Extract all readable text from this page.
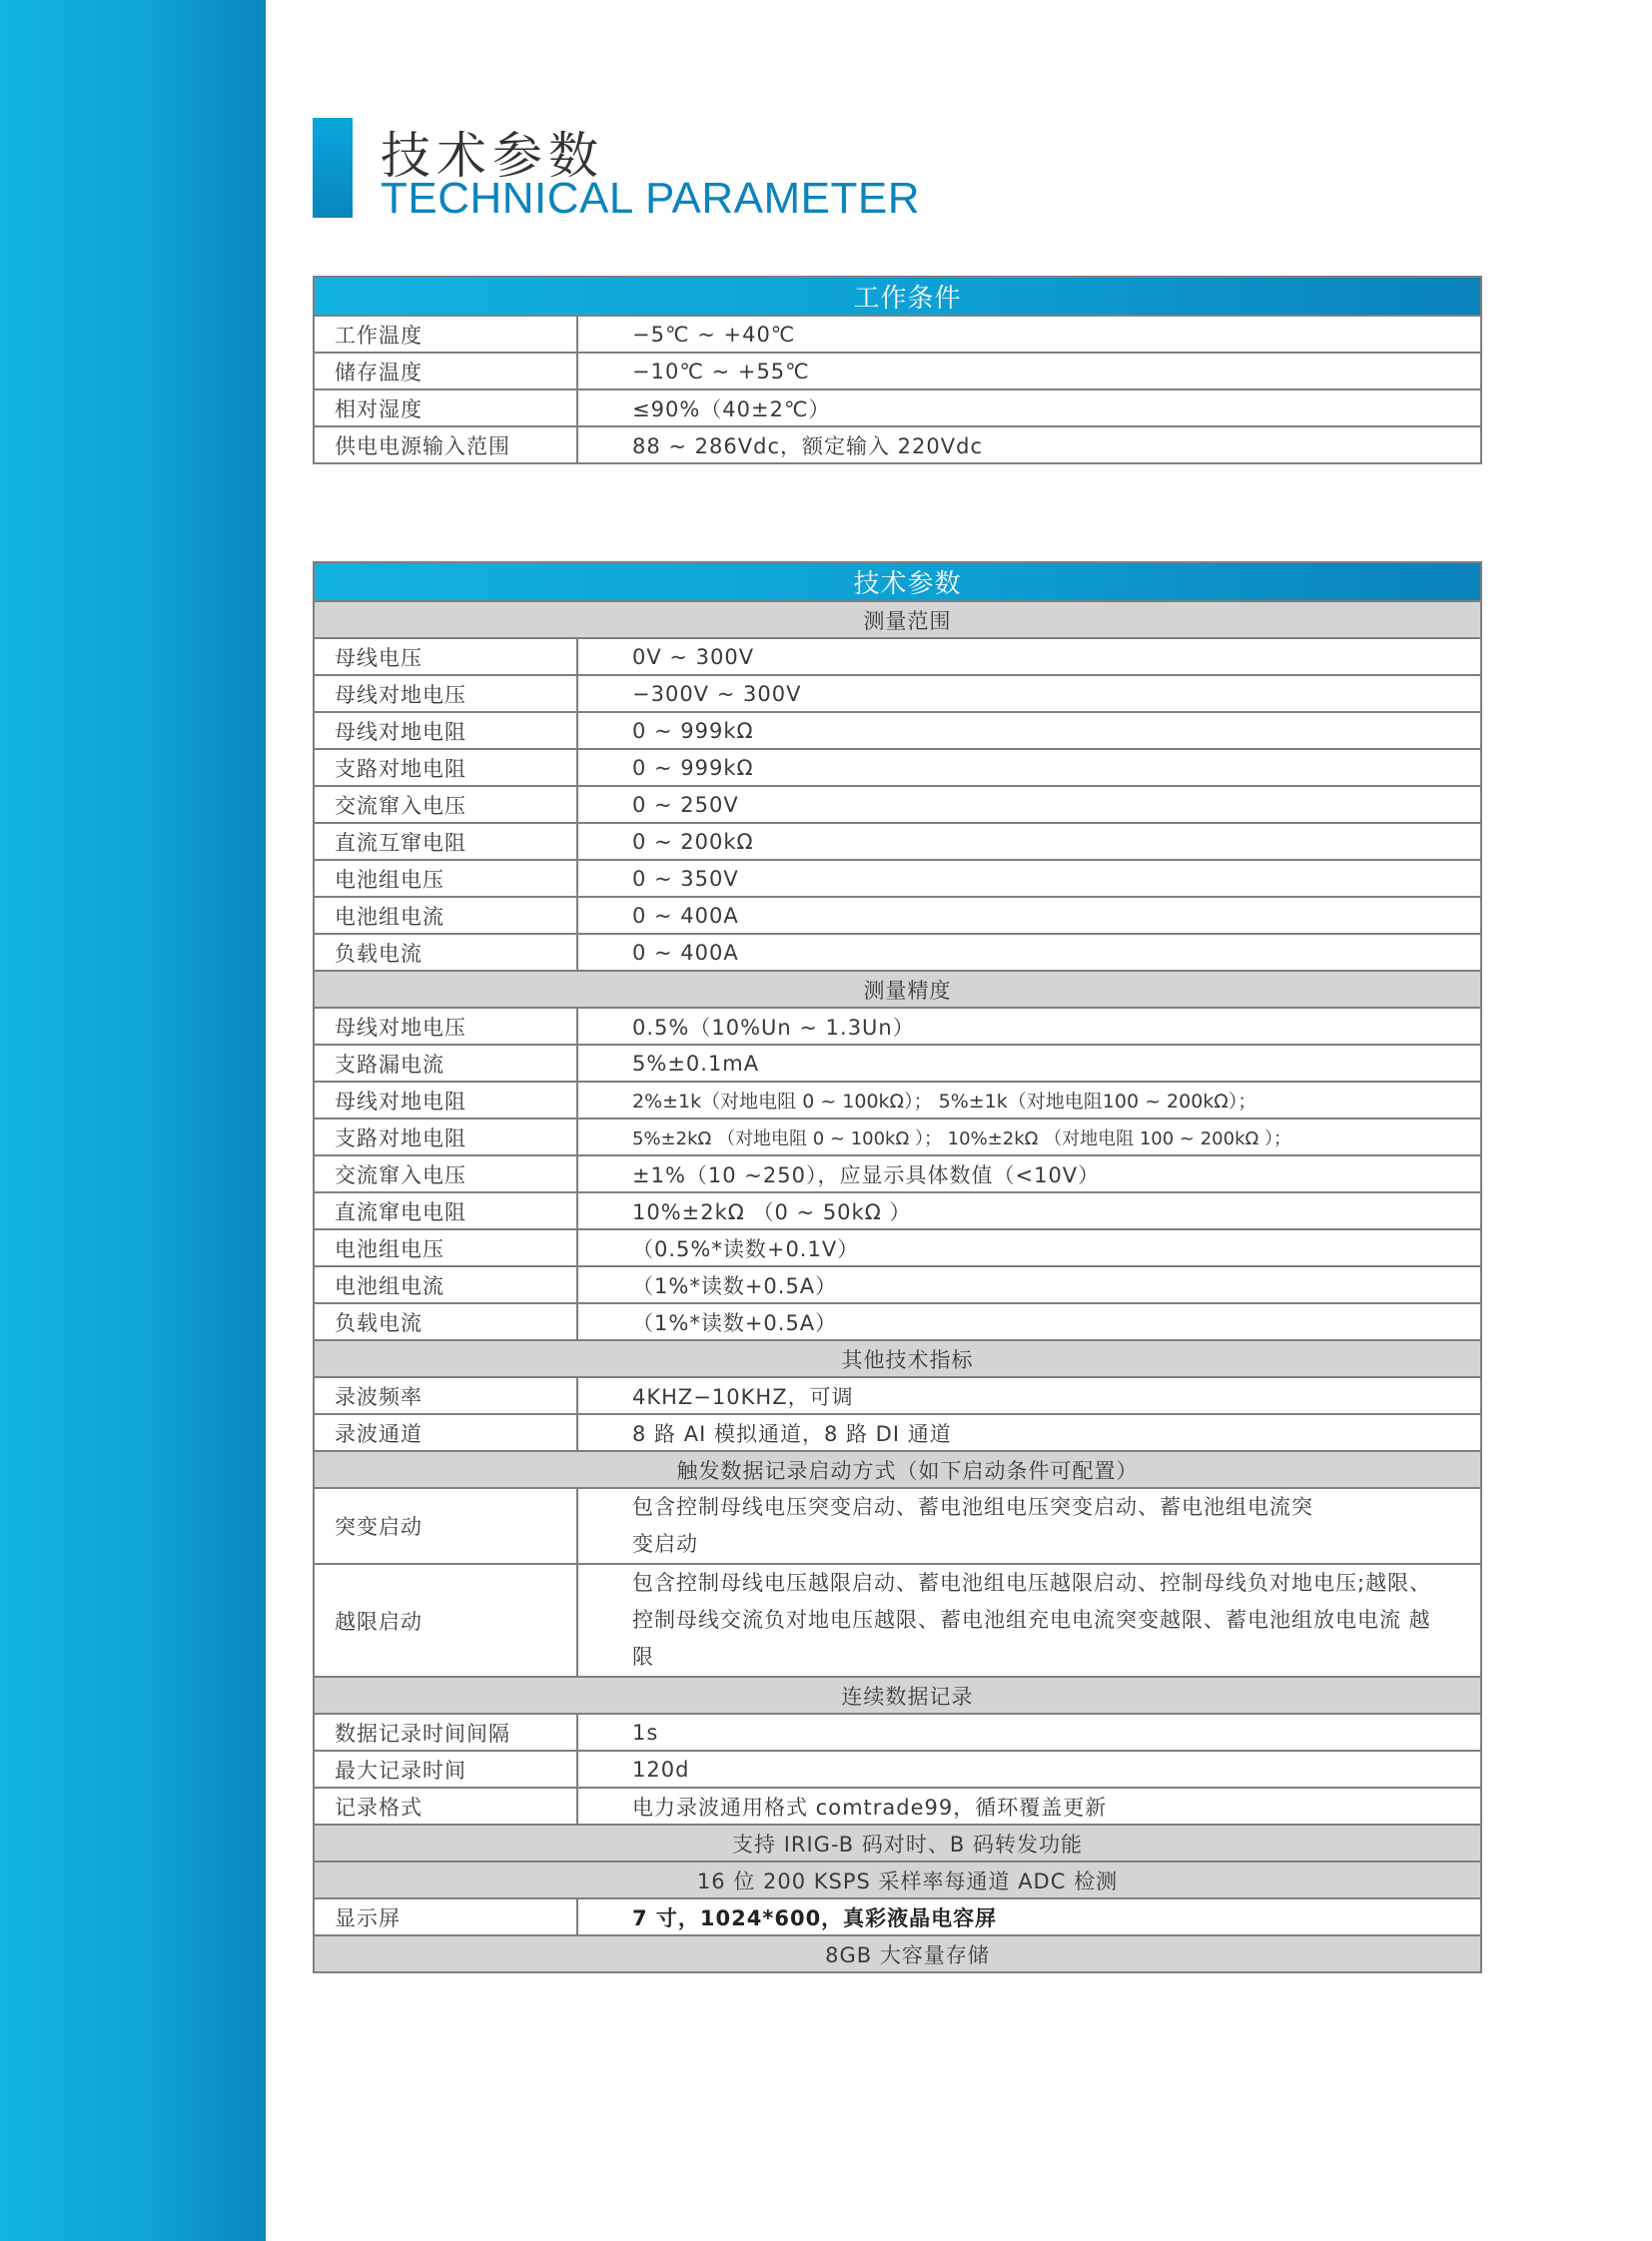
技术参数
TECHNICAL PARAMETER
工作条件	
工作温度	−5℃ ~ +40℃
储存温度	−10℃ ~ +55℃
相对湿度	≤90%（40±2℃）
供电电源输入范围	88 ~ 286Vdc，额定输入 220Vdc
技术参数	
测量范围	
母线电压	0V ~ 300V
母线对地电压	−300V ~ 300V
母线对地电阻	0 ~ 999kΩ
支路对地电阻	0 ~ 999kΩ
交流窜入电压	0 ~ 250V
直流互窜电阻	0 ~ 200kΩ
电池组电压	0 ~ 350V
电池组电流	0 ~ 400A
负载电流	0 ~ 400A
测量精度	
母线对地电压	0.5%（10%Un ~ 1.3Un）
支路漏电流	5%±0.1mA
母线对地电阻	2%±1k（对地电阻 0 ~ 100kΩ）； 5%±1k（对地电阻100 ~ 200kΩ）；
支路对地电阻	5%±2kΩ （对地电阻 0 ~ 100kΩ ）； 10%±2kΩ （对地电阻 100 ~ 200kΩ ）；
交流窜入电压	±1%（10 ~250），应显示具体数值（<10V）
直流窜电电阻	10%±2kΩ （0 ~ 50kΩ ）
电池组电压	（0.5%*读数+0.1V）
电池组电流	（1%*读数+0.5A）
负载电流	（1%*读数+0.5A）
其他技术指标	
录波频率	4KHZ−10KHZ，可调
录波通道	8 路 AI 模拟通道，8 路 DI 通道
触发数据记录启动方式（如下启动条件可配置）	
突变启动	包含控制母线电压突变启动、蓄电池组电压突变启动、蓄电池组电流突变启动
越限启动	包含控制母线电压越限启动、蓄电池组电压越限启动、控制母线负对地电压;越限、控制母线交流负对地电压越限、蓄电池组充电电流突变越限、蓄电池组放电电流 越限
连续数据记录	
数据记录时间间隔	1s
最大记录时间	120d
记录格式	电力录波通用格式 comtrade99，循环覆盖更新
支持 IRIG-B 码对时、B 码转发功能	
16 位 200 KSPS 采样率每通道 ADC 检测	
显示屏	7 寸，1024*600，真彩液晶电容屏
8GB 大容量存储	
